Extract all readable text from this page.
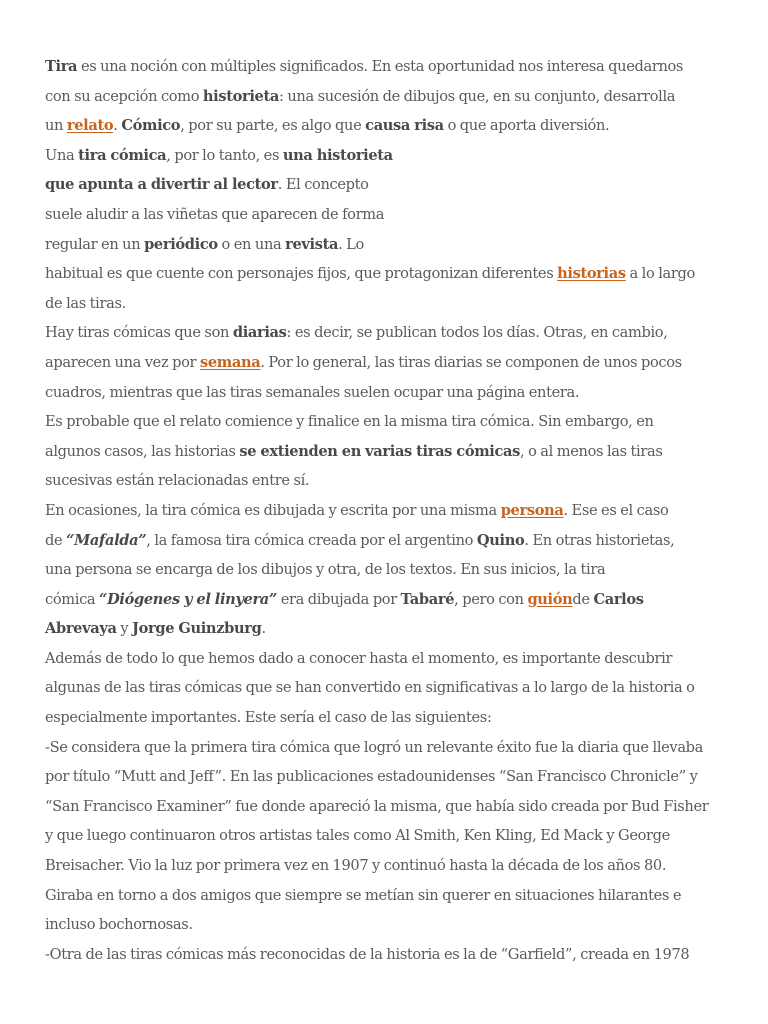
Tira es una noción con múltiples significados. En esta oportunidad nos interesa quedarnos
con su acepción como historieta: una sucesión de dibujos que, en su conjunto, desarrolla
un relato. Cómico, por su parte, es algo que causa risa o que aporta diversión.
Una tira cómica, por lo tanto, es una historieta
que apunta a divertir al lector. El concepto
suele aludir a las viñetas que aparecen de forma
regular en un periódico o en una revista. Lo
habitual es que cuente con personajes fijos, que protagonizan diferentes historias a lo largo
de las tiras.
Hay tiras cómicas que son diarias: es decir, se publican todos los días. Otras, en cambio,
aparecen una vez por semana. Por lo general, las tiras diarias se componen de unos pocos
cuadros, mientras que las tiras semanales suelen ocupar una página entera.
Es probable que el relato comience y finalice en la misma tira cómica. Sin embargo, en
algunos casos, las historias se extienden en varias tiras cómicas, o al menos las tiras
sucesivas están relacionadas entre sí.
En ocasiones, la tira cómica es dibujada y escrita por una misma persona. Ese es el caso
de “Mafalda”, la famosa tira cómica creada por el argentino Quino. En otras historietas,
una persona se encarga de los dibujos y otra, de los textos. En sus inicios, la tira
cómica “Diógenes y el linyera” era dibujada por Tabaré, pero con guiónde Carlos
Abrevaya y Jorge Guinzburg.
Además de todo lo que hemos dado a conocer hasta el momento, es importante descubrir
algunas de las tiras cómicas que se han convertido en significativas a lo largo de la historia o
especialmente importantes. Este sería el caso de las siguientes:
-Se considera que la primera tira cómica que logró un relevante éxito fue la diaria que llevaba
por título “Mutt and Jeff”. En las publicaciones estadounidenses “San Francisco Chronicle” y
“San Francisco Examiner” fue donde apareció la misma, que había sido creada por Bud Fisher
y que luego continuaron otros artistas tales como Al Smith, Ken Kling, Ed Mack y George
Breisacher. Vio la luz por primera vez en 1907 y continuó hasta la década de los años 80.
Giraba en torno a dos amigos que siempre se metían sin querer en situaciones hilarantes e
incluso bochornosas.
-Otra de las tiras cómicas más reconocidas de la historia es la de “Garfield”, creada en 1978
